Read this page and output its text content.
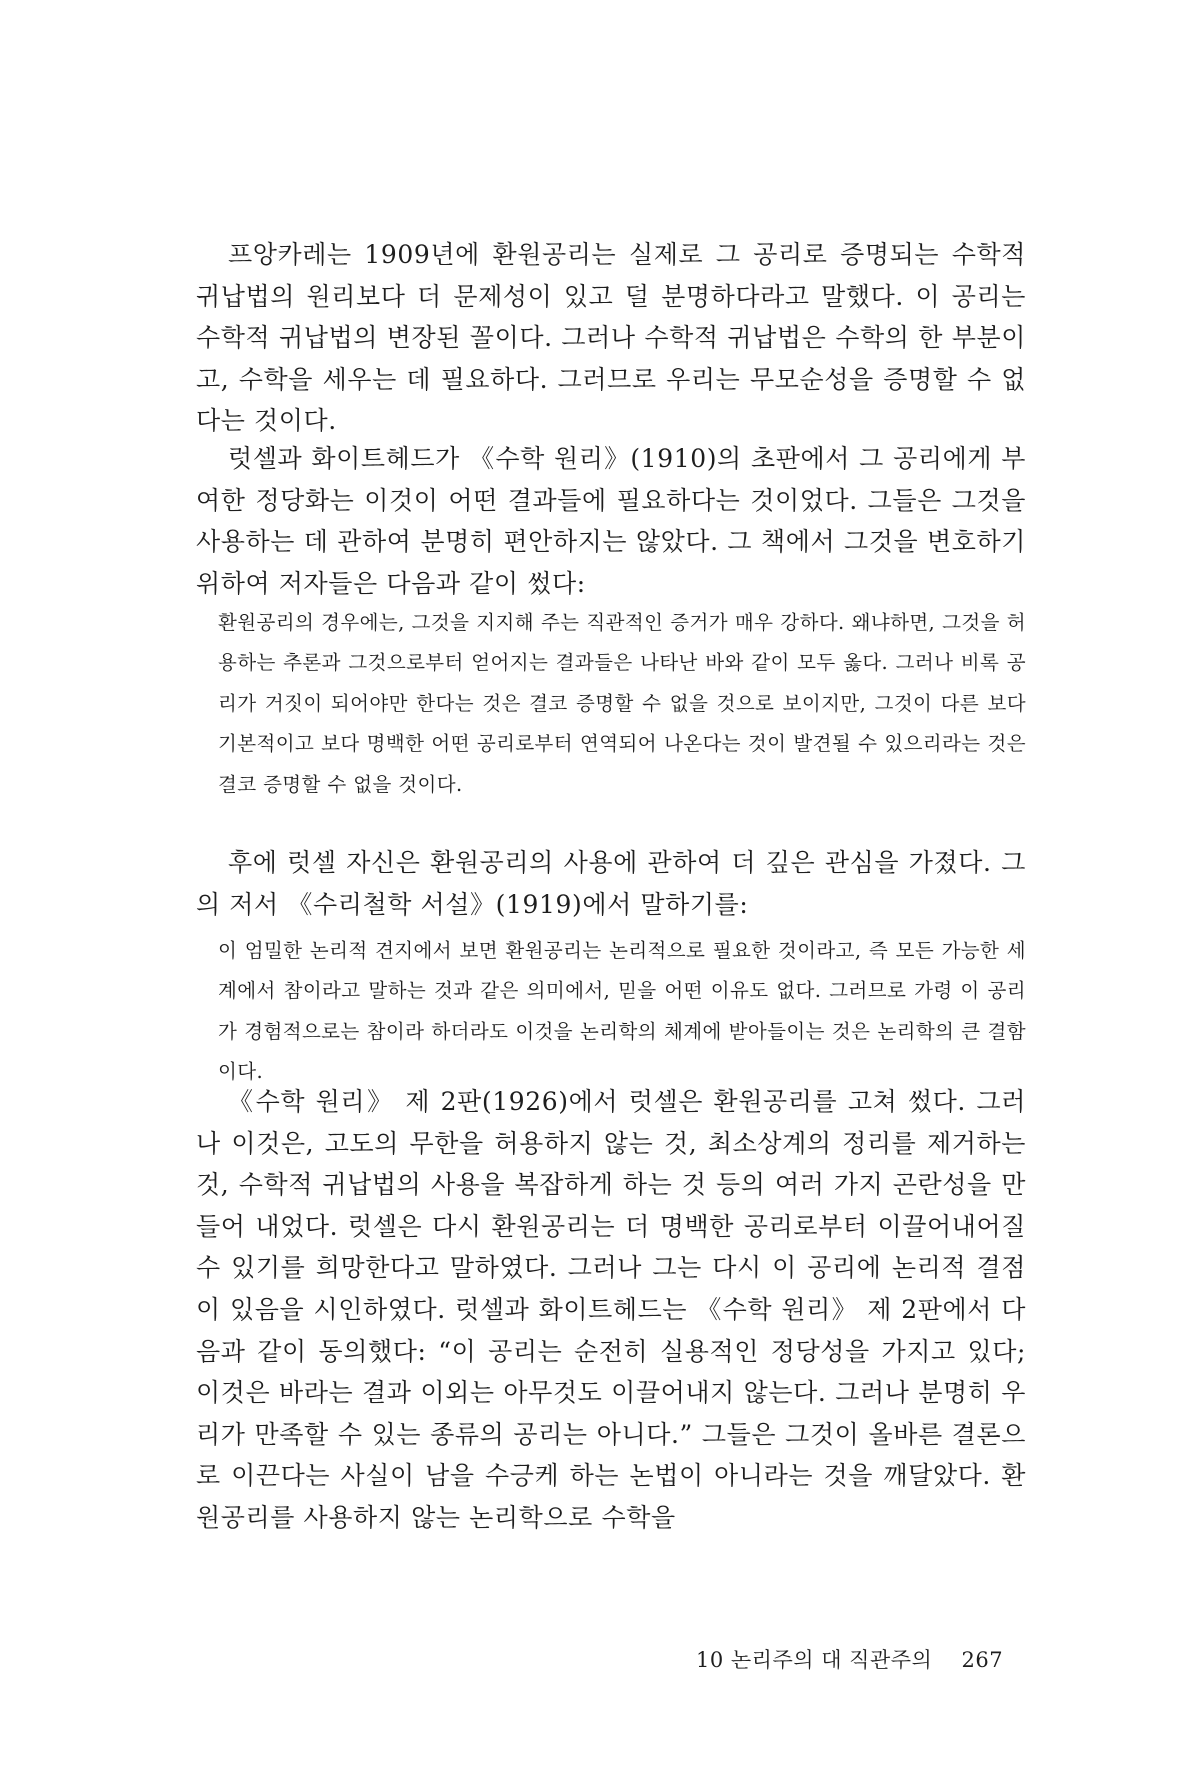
프앙카레는 1909년에 환원공리는 실제로 그 공리로 증명되는 수학적 귀납법의 원리보다 더 문제성이 있고 덜 분명하다라고 말했다. 이 공리는 수학적 귀납법의 변장된 꼴이다. 그러나 수학적 귀납법은 수학의 한 부분이고, 수학을 세우는 데 필요하다. 그러므로 우리는 무모순성을 증명할 수 없다는 것이다.

럿셀과 화이트헤드가 《수학 원리》(1910)의 초판에서 그 공리에게 부여한 정당화는 이것이 어떤 결과들에 필요하다는 것이었다. 그들은 그것을 사용하는 데 관하여 분명히 편안하지는 않았다. 그 책에서 그것을 변호하기 위하여 저자들은 다음과 같이 썼다:

환원공리의 경우에는, 그것을 지지해 주는 직관적인 증거가 매우 강하다. 왜냐하면, 그것을 허용하는 추론과 그것으로부터 얻어지는 결과들은 나타난 바와 같이 모두 옳다. 그러나 비록 공리가 거짓이 되어야만 한다는 것은 결코 증명할 수 없을 것으로 보이지만, 그것이 다른 보다 기본적이고 보다 명백한 어떤 공리로부터 연역되어 나온다는 것이 발견될 수 있으리라는 것은 결코 증명할 수 없을 것이다.

후에 럿셀 자신은 환원공리의 사용에 관하여 더 깊은 관심을 가졌다. 그의 저서 《수리철학 서설》(1919)에서 말하기를:

이 엄밀한 논리적 견지에서 보면 환원공리는 논리적으로 필요한 것이라고, 즉 모든 가능한 세계에서 참이라고 말하는 것과 같은 의미에서, 믿을 어떤 이유도 없다. 그러므로 가령 이 공리가 경험적으로는 참이라 하더라도 이것을 논리학의 체계에 받아들이는 것은 논리학의 큰 결함이다.

《수학 원리》 제 2판(1926)에서 럿셀은 환원공리를 고쳐 썼다. 그러나 이것은, 고도의 무한을 허용하지 않는 것, 최소상계의 정리를 제거하는 것, 수학적 귀납법의 사용을 복잡하게 하는 것 등의 여러 가지 곤란성을 만들어 내었다. 럿셀은 다시 환원공리는 더 명백한 공리로부터 이끌어내어질 수 있기를 희망한다고 말하였다. 그러나 그는 다시 이 공리에 논리적 결점이 있음을 시인하였다. 럿셀과 화이트헤드는 《수학 원리》 제 2판에서 다음과 같이 동의했다: “이 공리는 순전히 실용적인 정당성을 가지고 있다; 이것은 바라는 결과 이외는 아무것도 이끌어내지 않는다. 그러나 분명히 우리가 만족할 수 있는 종류의 공리는 아니다.” 그들은 그것이 올바른 결론으로 이끈다는 사실이 남을 수긍케 하는 논법이 아니라는 것을 깨달았다. 환원공리를 사용하지 않는 논리학으로 수학을

10 논리주의 대 직관주의 267
